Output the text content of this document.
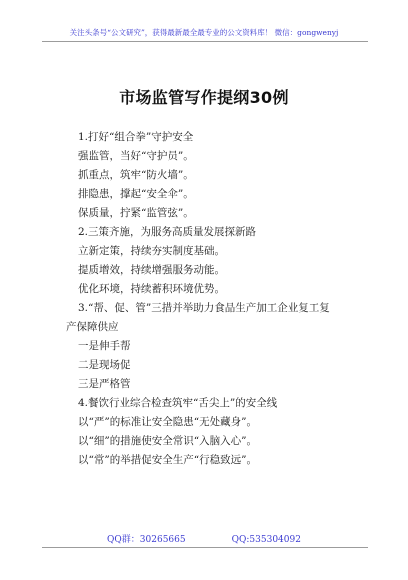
关注头条号“公文研究”，获得最新最全最专业的公文资料库！ 微信：gongwenyj
市场监管写作提纲30例
1.打好“组合拳”守护安全
强监管，当好“守护员”。
抓重点，筑牢“防火墙”。
排隐患，撑起“安全伞”。
保质量，拧紧“监管弦”。
2.三策齐施，为服务高质量发展探新路
立新定策，持续夯实制度基础。
提质增效，持续增强服务动能。
优化环境，持续蓄积环境优势。
3.“帮、促、管”三措并举助力食品生产加工企业复工复
产保障供应
一是伸手帮
二是现场促
三是严格管
4.餐饮行业综合检查筑牢“舌尖上”的安全线
以“严”的标准让安全隐患“无处藏身”。
以“细”的措施使安全常识“入脑入心”。
以“常”的举措促安全生产“行稳致远”。
QQ群：30265665	QQ:535304092
